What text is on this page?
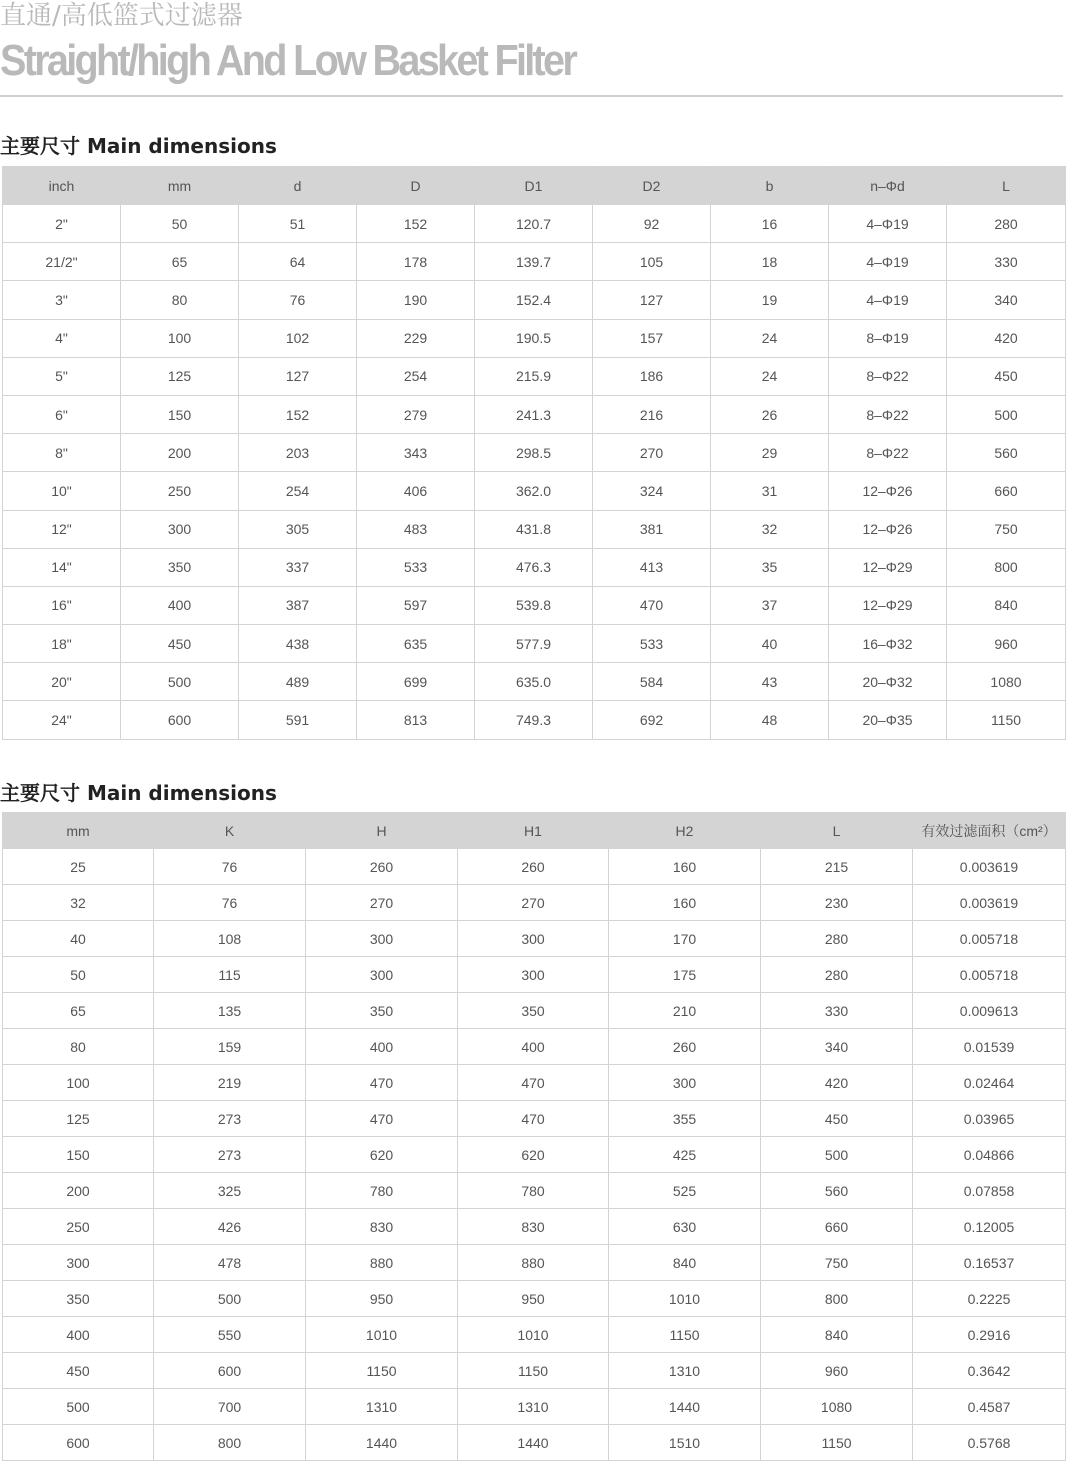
直通/高低篮式过滤器
Straight/high And Low Basket Filter
主要尺寸 Main dimensions
inch	mm	d	D	D1	D2	b	n–Φd	L
2"	50	51	152	120.7	92	16	4–Φ19	280
21/2"	65	64	178	139.7	105	18	4–Φ19	330
3"	80	76	190	152.4	127	19	4–Φ19	340
4"	100	102	229	190.5	157	24	8–Φ19	420
5"	125	127	254	215.9	186	24	8–Φ22	450
6"	150	152	279	241.3	216	26	8–Φ22	500
8"	200	203	343	298.5	270	29	8–Φ22	560
10"	250	254	406	362.0	324	31	12–Φ26	660
12"	300	305	483	431.8	381	32	12–Φ26	750
14"	350	337	533	476.3	413	35	12–Φ29	800
16"	400	387	597	539.8	470	37	12–Φ29	840
18"	450	438	635	577.9	533	40	16–Φ32	960
20"	500	489	699	635.0	584	43	20–Φ32	1080
24"	600	591	813	749.3	692	48	20–Φ35	1150
主要尺寸 Main dimensions
mm	K	H	H1	H2	L	有效过滤面积（cm²）
25	76	260	260	160	215	0.003619
32	76	270	270	160	230	0.003619
40	108	300	300	170	280	0.005718
50	115	300	300	175	280	0.005718
65	135	350	350	210	330	0.009613
80	159	400	400	260	340	0.01539
100	219	470	470	300	420	0.02464
125	273	470	470	355	450	0.03965
150	273	620	620	425	500	0.04866
200	325	780	780	525	560	0.07858
250	426	830	830	630	660	0.12005
300	478	880	880	840	750	0.16537
350	500	950	950	1010	800	0.2225
400	550	1010	1010	1150	840	0.2916
450	600	1150	1150	1310	960	0.3642
500	700	1310	1310	1440	1080	0.4587
600	800	1440	1440	1510	1150	0.5768
